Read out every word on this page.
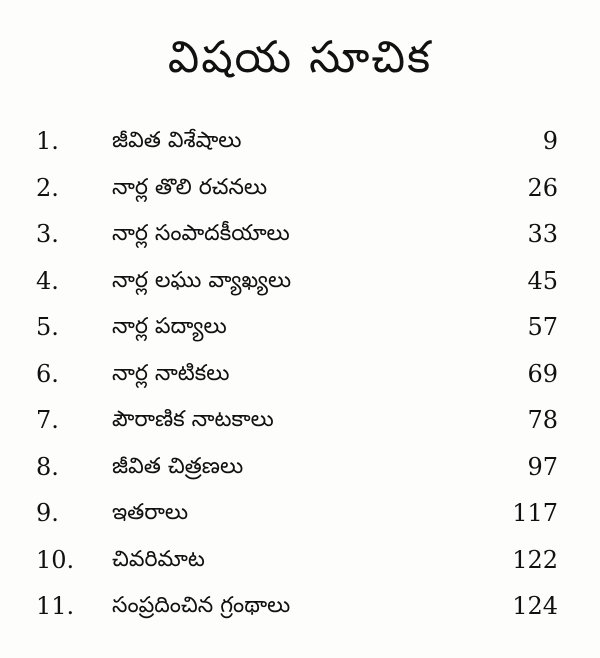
విషయ సూచిక
1. జీవిత విశేషాలు	9
2. నార్ల తొలి రచనలు	26
3. నార్ల సంపాదకీయాలు	33
4. నార్ల లఘు వ్యాఖ్యలు	45
5. నార్ల పద్యాలు	57
6. నార్ల నాటికలు	69
7. పౌరాణిక నాటకాలు	78
8. జీవిత చిత్రణలు	97
9. ఇతరాలు	117
10. చివరిమాట	122
11. సంప్రదించిన గ్రంథాలు	124
